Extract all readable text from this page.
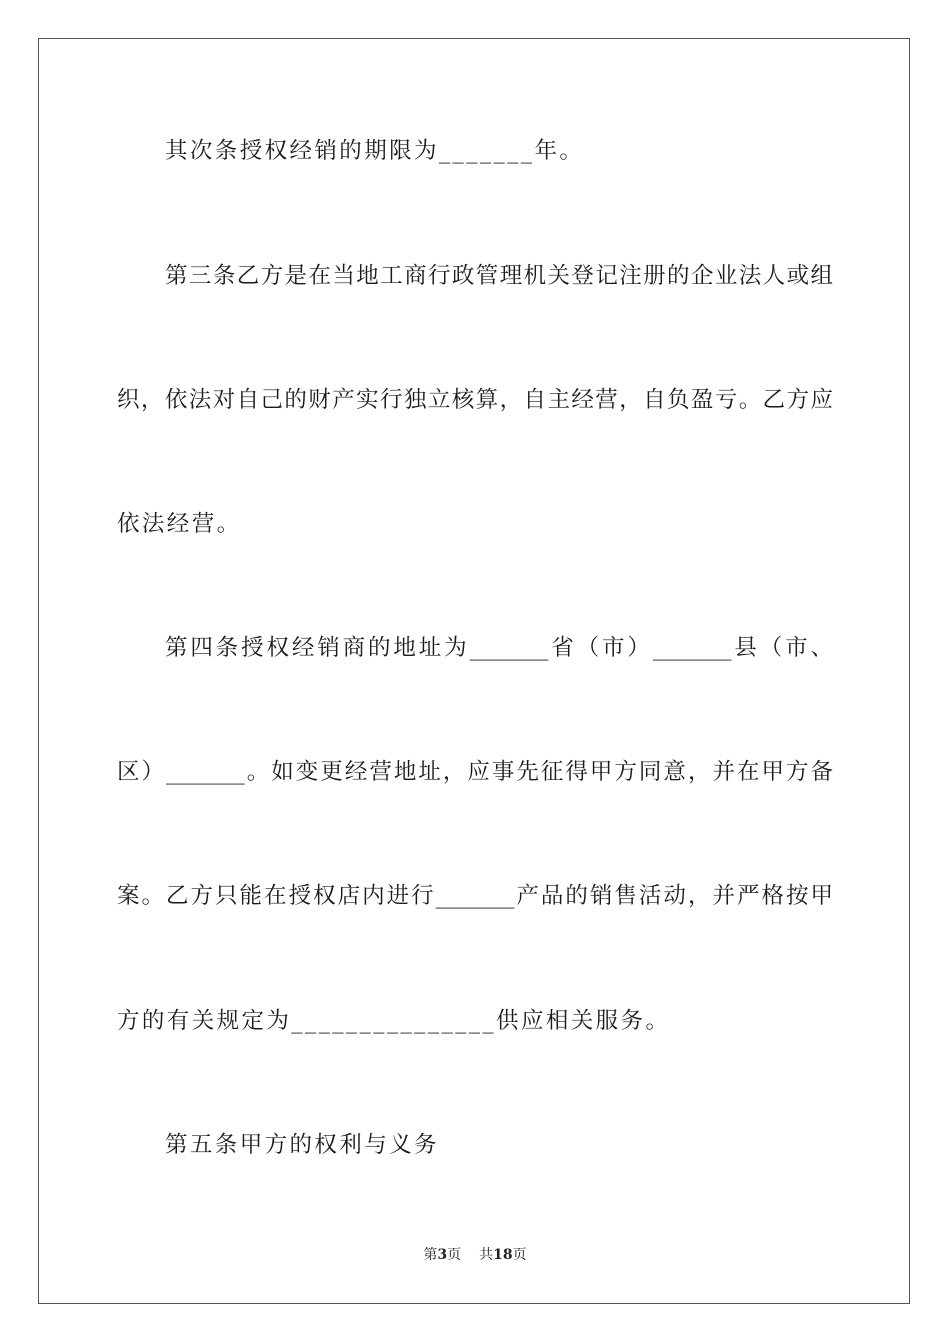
其次条授权经销的期限为_______年。
第三条乙方是在当地工商行政管理机关登记注册的企业法人或组
织，依法对自己的财产实行独立核算，自主经营，自负盈亏。乙方应
依法经营。
第四条授权经销商的地址为_______省（市）_______县（市、
区）_______。如变更经营地址，应事先征得甲方同意，并在甲方备
案。乙方只能在授权店内进行_______产品的销售活动，并严格按甲
方的有关规定为_______________供应相关服务。
第五条甲方的权利与义务
第3页 共18页
